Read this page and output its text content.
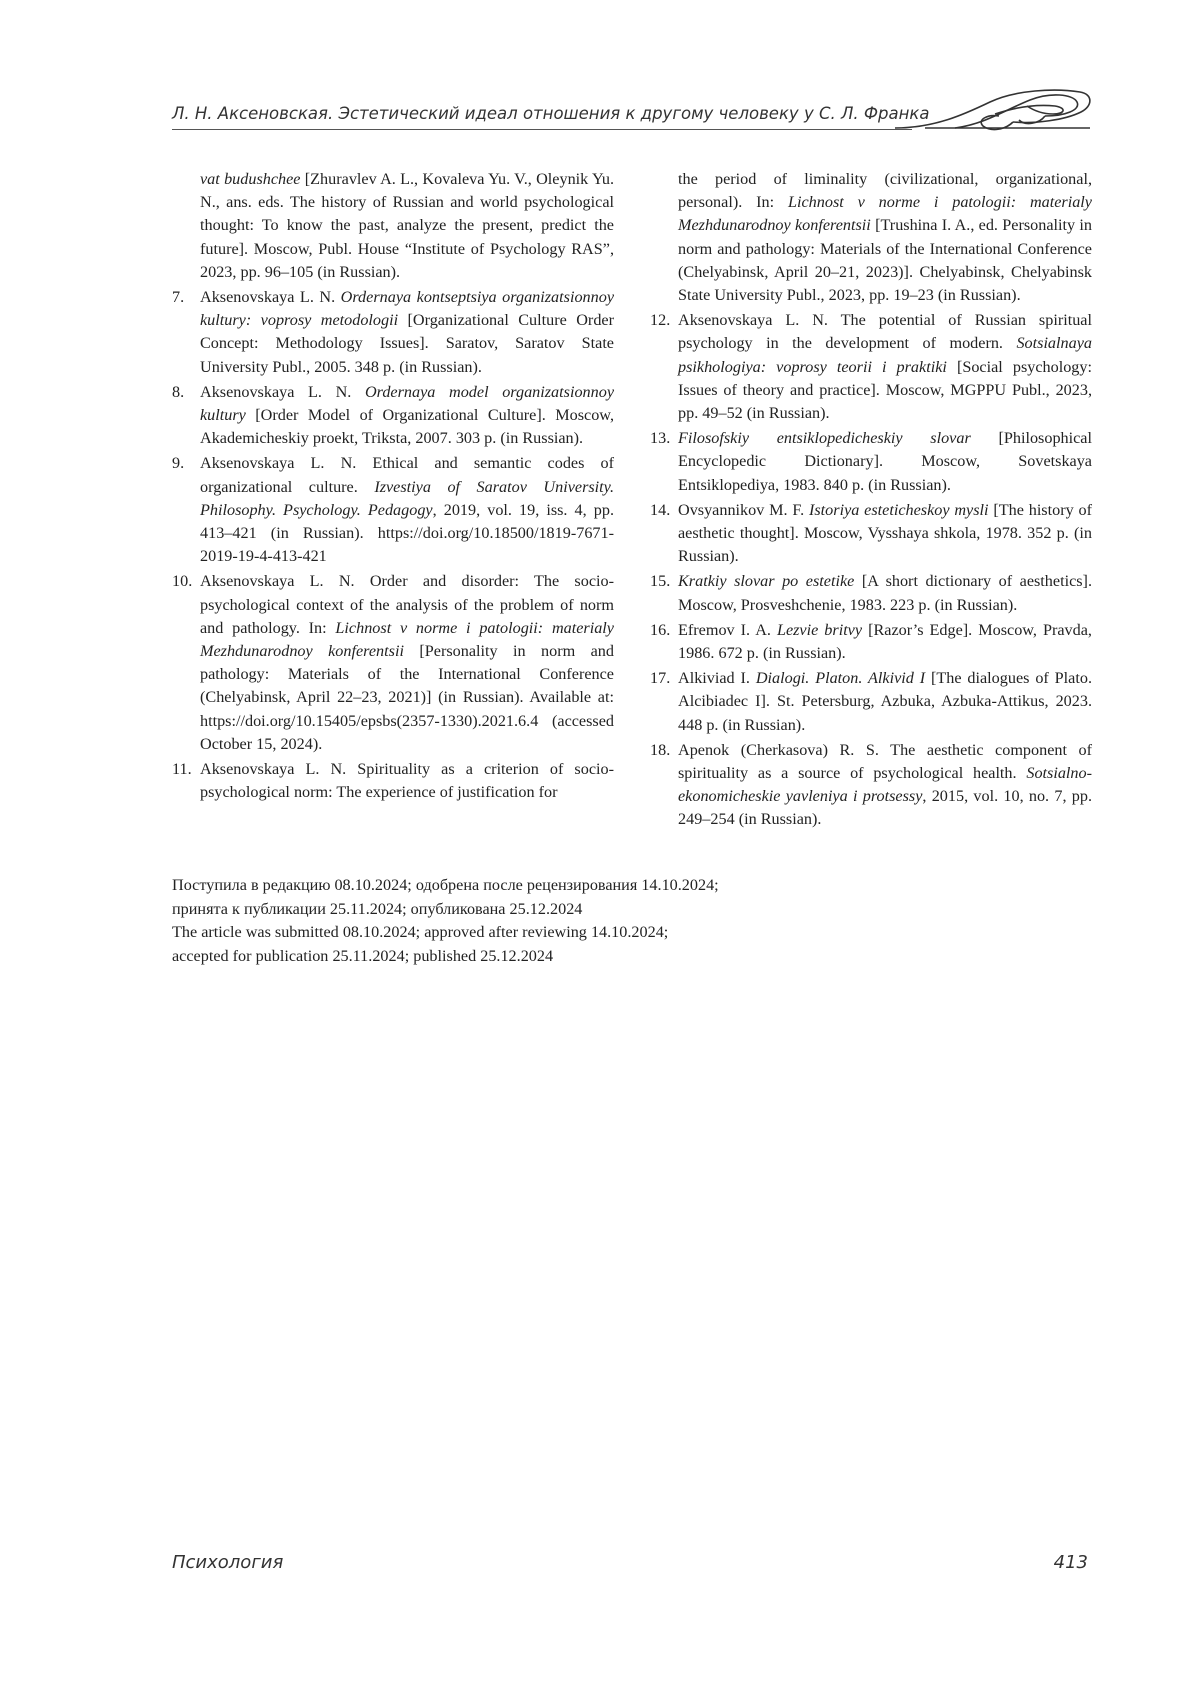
Л. Н. Аксеновская. Эстетический идеал отношения к другому человеку у С. Л. Франка
vat budushchee [Zhuravlev A. L., Kovaleva Yu. V., Oleynik Yu. N., ans. eds. The history of Russian and world psychological thought: To know the past, analyze the present, predict the future]. Moscow, Publ. House “Institute of Psychology RAS”, 2023, pp. 96–105 (in Russian).
7. Aksenovskaya L. N. Ordernaya kontseptsiya organizatsionnoy kultury: voprosy metodologii [Organizational Culture Order Concept: Methodology Issues]. Saratov, Saratov State University Publ., 2005. 348 p. (in Russian).
8. Aksenovskaya L. N. Ordernaya model organizatsionnoy kultury [Order Model of Organizational Culture]. Moscow, Akademicheskiy proekt, Triksta, 2007. 303 p. (in Russian).
9. Aksenovskaya L. N. Ethical and semantic codes of organizational culture. Izvestiya of Saratov University. Philosophy. Psychology. Pedagogy, 2019, vol. 19, iss. 4, pp. 413–421 (in Russian). https://doi.org/10.18500/1819-7671-2019-19-4-413-421
10. Aksenovskaya L. N. Order and disorder: The socio-psychological context of the analysis of the problem of norm and pathology. In: Lichnost v norme i patologii: materialy Mezhdunarodnoy konferentsii [Personality in norm and pathology: Materials of the International Conference (Chelyabinsk, April 22–23, 2021)] (in Russian). Available at: https://doi.org/10.15405/epsbs(2357-1330).2021.6.4 (accessed October 15, 2024).
11. Aksenovskaya L. N. Spirituality as a criterion of socio-psychological norm: The experience of justification for
the period of liminality (civilizational, organizational, personal). In: Lichnost v norme i patologii: materialy Mezhdunarodnoy konferentsii [Trushina I. A., ed. Personality in norm and pathology: Materials of the International Conference (Chelyabinsk, April 20–21, 2023)]. Chelyabinsk, Chelyabinsk State University Publ., 2023, pp. 19–23 (in Russian).
12. Aksenovskaya L. N. The potential of Russian spiritual psychology in the development of modern. Sotsialnaya psikhologiya: voprosy teorii i praktiki [Social psychology: Issues of theory and practice]. Moscow, MGPPU Publ., 2023, pp. 49–52 (in Russian).
13. Filosofskiy entsiklopedicheskiy slovar [Philosophical Encyclopedic Dictionary]. Moscow, Sovetskaya Entsiklopediya, 1983. 840 p. (in Russian).
14. Ovsyannikov M. F. Istoriya esteticheskoy mysli [The history of aesthetic thought]. Moscow, Vysshaya shkola, 1978. 352 p. (in Russian).
15. Kratkiy slovar po estetike [A short dictionary of aesthetics]. Moscow, Prosveshchenie, 1983. 223 p. (in Russian).
16. Efremov I. A. Lezvie britvy [Razor’s Edge]. Moscow, Pravda, 1986. 672 p. (in Russian).
17. Alkiviad I. Dialogi. Platon. Alkivid I [The dialogues of Plato. Alcibiadec I]. St. Petersburg, Azbuka, Azbuka-Attikus, 2023. 448 p. (in Russian).
18. Apenok (Cherkasova) R. S. The aesthetic component of spirituality as a source of psychological health. Sotsialno-ekonomicheskie yavleniya i protsessy, 2015, vol. 10, no. 7, pp. 249–254 (in Russian).
Поступила в редакцию 08.10.2024; одобрена после рецензирования 14.10.2024;
принята к публикации 25.11.2024; опубликована 25.12.2024
The article was submitted 08.10.2024; approved after reviewing 14.10.2024;
accepted for publication 25.11.2024; published 25.12.2024
Психология	413
